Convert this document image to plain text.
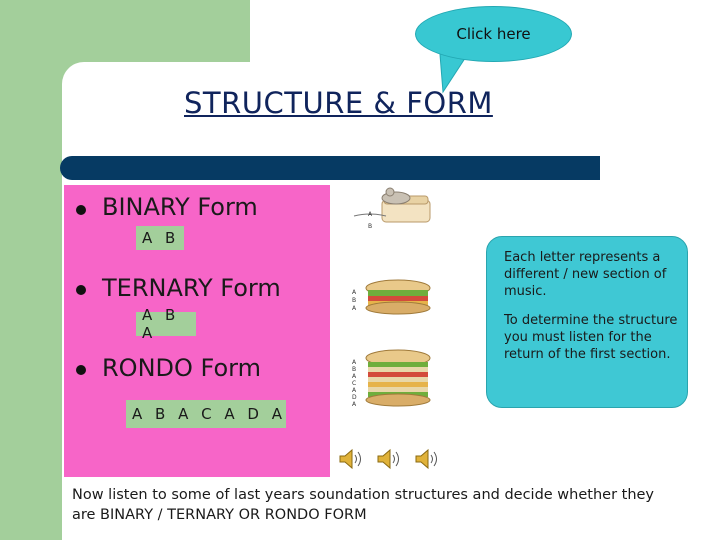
Click here
STRUCTURE & FORM
BINARY Form
A B
TERNARY Form
A B A
RONDO Form
A B A C A D A
A
B
A
B
A
A
B
A
C
A
D
A

Each letter represents a different / new section of music.

To determine the structure you must listen for the return of the first section.

Now listen to some of last years soundation structures and decide whether they are BINARY / TERNARY OR RONDO FORM
